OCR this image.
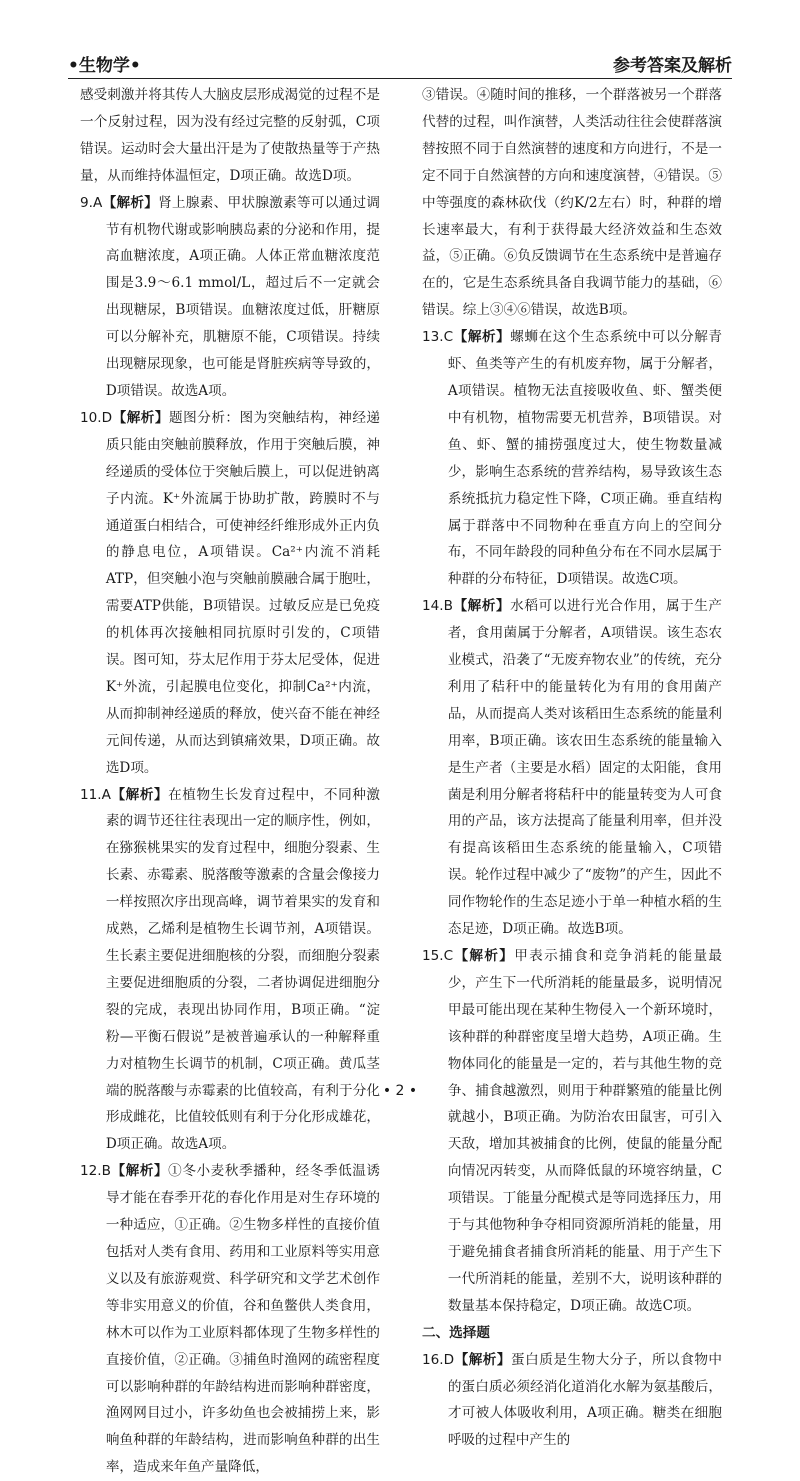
•生物学•	参考答案及解析

感受刺激并将其传人大脑皮层形成渴觉的过程不是一个反射过程，因为没有经过完整的反射弧，C项错误。运动时会大量出汗是为了使散热量等于产热量，从而维持体温恒定，D项正确。故选D项。

9.A【解析】肾上腺素、甲状腺激素等可以通过调节有机物代谢或影响胰岛素的分泌和作用，提高血糖浓度，A项正确。人体正常血糖浓度范围是3.9～6.1 mmol/L，超过后不一定就会出现糖尿，B项错误。血糖浓度过低，肝糖原可以分解补充，肌糖原不能，C项错误。持续出现糖尿现象，也可能是肾脏疾病等导致的，D项错误。故选A项。

10.D【解析】题图分析：图为突触结构，神经递质只能由突触前膜释放，作用于突触后膜，神经递质的受体位于突触后膜上，可以促进钠离子内流。K⁺外流属于协助扩散，跨膜时不与通道蛋白相结合，可使神经纤维形成外正内负的静息电位，A项错误。Ca²⁺内流不消耗ATP，但突触小泡与突触前膜融合属于胞吐，需要ATP供能，B项错误。过敏反应是已免疫的机体再次接触相同抗原时引发的，C项错误。图可知，芬太尼作用于芬太尼受体，促进K⁺外流，引起膜电位变化，抑制Ca²⁺内流，从而抑制神经递质的释放，使兴奋不能在神经元间传递，从而达到镇痛效果，D项正确。故选D项。

11.A【解析】在植物生长发育过程中，不同种激素的调节还往往表现出一定的顺序性，例如，在猕猴桃果实的发育过程中，细胞分裂素、生长素、赤霉素、脱落酸等激素的含量会像接力一样按照次序出现高峰，调节着果实的发育和成熟，乙烯利是植物生长调节剂，A项错误。生长素主要促进细胞核的分裂，而细胞分裂素主要促进细胞质的分裂，二者协调促进细胞分裂的完成，表现出协同作用，B项正确。“淀粉—平衡石假说”是被普遍承认的一种解释重力对植物生长调节的机制，C项正确。黄瓜茎端的脱落酸与赤霉素的比值较高，有利于分化形成雌花，比值较低则有利于分化形成雄花，D项正确。故选A项。

12.B【解析】①冬小麦秋季播种，经冬季低温诱导才能在春季开花的春化作用是对生存环境的一种适应，①正确。②生物多样性的直接价值包括对人类有食用、药用和工业原料等实用意义以及有旅游观赏、科学研究和文学艺术创作等非实用意义的价值，谷和鱼鳖供人类食用，林木可以作为工业原料都体现了生物多样性的直接价值，②正确。③捕鱼时渔网的疏密程度可以影响种群的年龄结构进而影响种群密度，渔网网目过小，许多幼鱼也会被捕捞上来，影响鱼种群的年龄结构，进而影响鱼种群的出生率，造成来年鱼产量降低，

③错误。④随时间的推移，一个群落被另一个群落代替的过程，叫作演替，人类活动往往会使群落演替按照不同于自然演替的速度和方向进行，不是一定不同于自然演替的方向和速度演替，④错误。⑤中等强度的森林砍伐（约K/2左右）时，种群的增长速率最大，有利于获得最大经济效益和生态效益，⑤正确。⑥负反馈调节在生态系统中是普遍存在的，它是生态系统具备自我调节能力的基础，⑥错误。综上③④⑥错误，故选B项。

13.C【解析】螺蛳在这个生态系统中可以分解青虾、鱼类等产生的有机废弃物，属于分解者，A项错误。植物无法直接吸收鱼、虾、蟹类便中有机物，植物需要无机营养，B项错误。对鱼、虾、蟹的捕捞强度过大，使生物数量减少，影响生态系统的营养结构，易导致该生态系统抵抗力稳定性下降，C项正确。垂直结构属于群落中不同物种在垂直方向上的空间分布，不同年龄段的同种鱼分布在不同水层属于种群的分布特征，D项错误。故选C项。

14.B【解析】水稻可以进行光合作用，属于生产者，食用菌属于分解者，A项错误。该生态农业模式，沿袭了“无废弃物农业”的传统，充分利用了秸秆中的能量转化为有用的食用菌产品，从而提高人类对该稻田生态系统的能量利用率，B项正确。该农田生态系统的能量输入是生产者（主要是水稻）固定的太阳能，食用菌是利用分解者将秸秆中的能量转变为人可食用的产品，该方法提高了能量利用率，但并没有提高该稻田生态系统的能量输入，C项错误。轮作过程中减少了“废物”的产生，因此不同作物轮作的生态足迹小于单一种植水稻的生态足迹，D项正确。故选B项。

15.C【解析】甲表示捕食和竞争消耗的能量最少，产生下一代所消耗的能量最多，说明情况甲最可能出现在某种生物侵入一个新环境时，该种群的种群密度呈增大趋势，A项正确。生物体同化的能量是一定的，若与其他生物的竞争、捕食越激烈，则用于种群繁殖的能量比例就越小，B项正确。为防治农田鼠害，可引入天敌，增加其被捕食的比例，使鼠的能量分配向情况丙转变，从而降低鼠的环境容纳量，C项错误。丁能量分配模式是等同选择压力，用于与其他物种争夺相同资源所消耗的能量，用于避免捕食者捕食所消耗的能量、用于产生下一代所消耗的能量，差别不大，说明该种群的数量基本保持稳定，D项正确。故选C项。

二、选择题

16.D【解析】蛋白质是生物大分子，所以食物中的蛋白质必须经消化道消化水解为氨基酸后，才可被人体吸收利用，A项正确。糖类在细胞呼吸的过程中产生的

• 2 •
